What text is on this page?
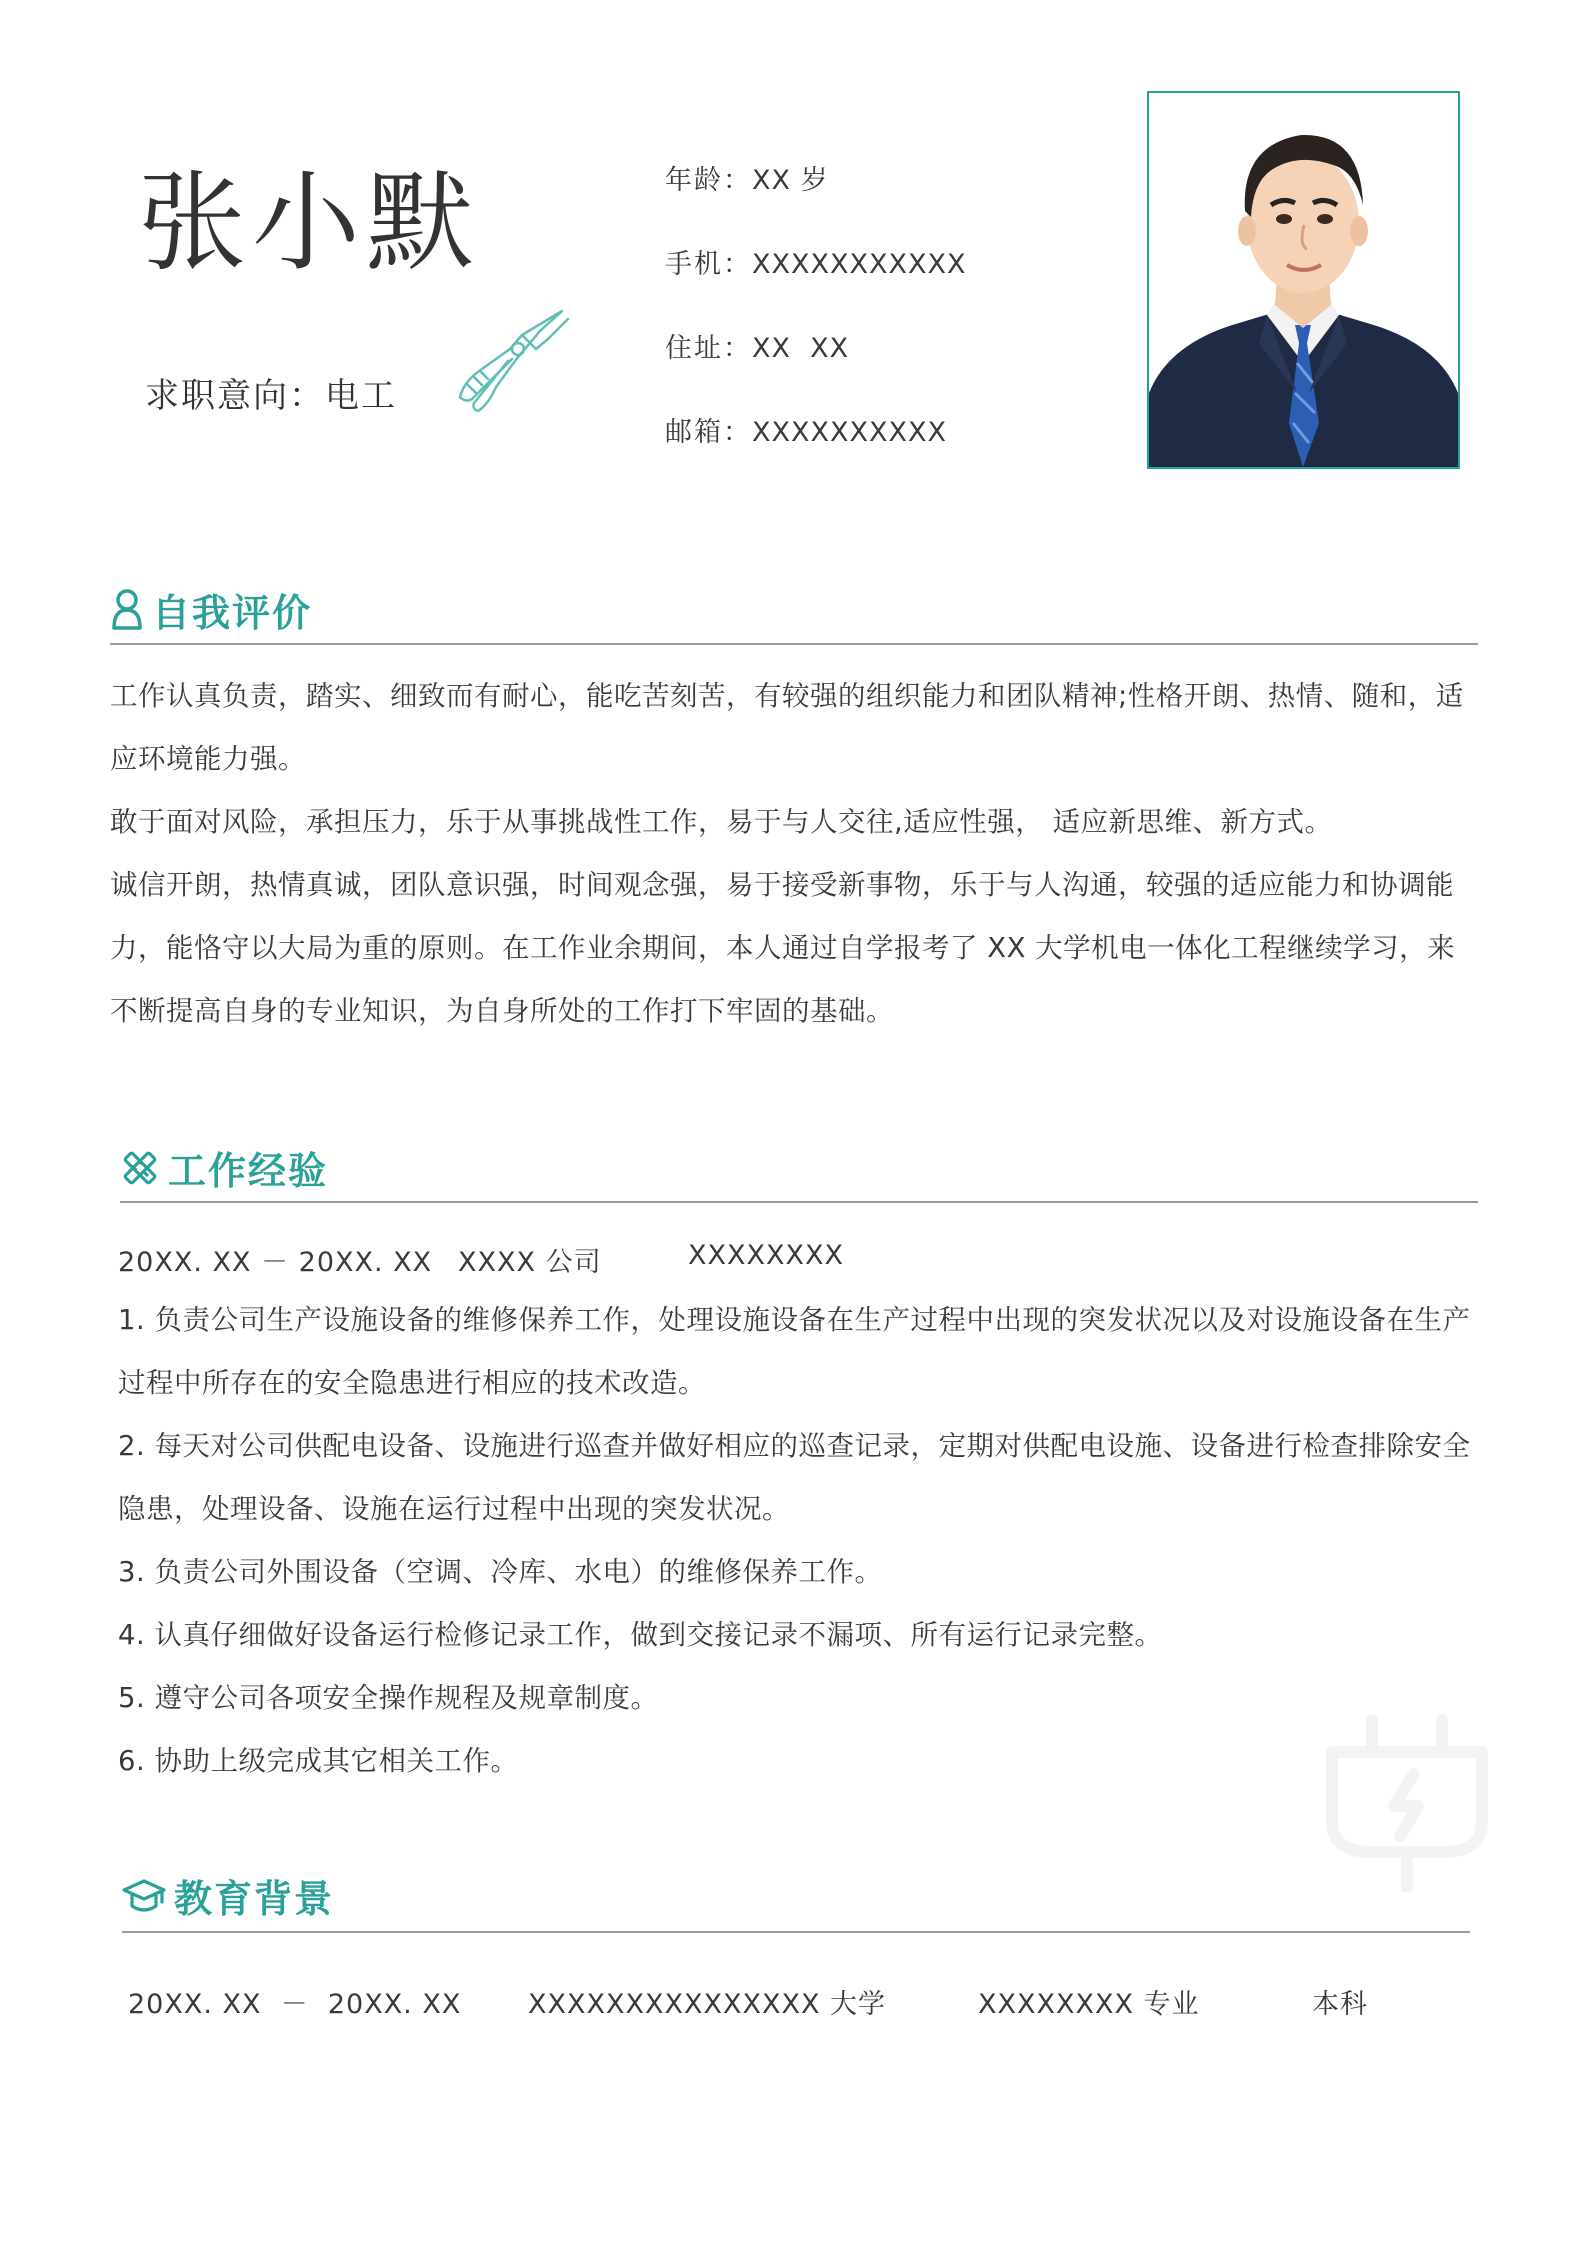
张小默
求职意向：电工
年龄：XX 岁
手机：XXXXXXXXXXX
住址：XX  XX
邮箱：XXXXXXXXXX
自我评价

工作认真负责，踏实、细致而有耐心，能吃苦刻苦，有较强的组织能力和团队精神;性格开朗、热情、随和，适应环境能力强。

敢于面对风险，承担压力，乐于从事挑战性工作，易于与人交往,适应性强， 适应新思维、新方式。

诚信开朗，热情真诚，团队意识强，时间观念强，易于接受新事物，乐于与人沟通，较强的适应能力和协调能力，能恪守以大局为重的原则。在工作业余期间，本人通过自学报考了 XX 大学机电一体化工程继续学习，来不断提高自身的专业知识，为自身所处的工作打下牢固的基础。

工作经验
20XX. XX － 20XX. XX XXXX 公司	XXXXXXXX

1. 负责公司生产设施设备的维修保养工作，处理设施设备在生产过程中出现的突发状况以及对设施设备在生产过程中所存在的安全隐患进行相应的技术改造。

2. 每天对公司供配电设备、设施进行巡查并做好相应的巡查记录，定期对供配电设施、设备进行检查排除安全隐患，处理设备、设施在运行过程中出现的突发状况。

3. 负责公司外围设备（空调、冷库、水电）的维修保养工作。

4. 认真仔细做好设备运行检修记录工作，做到交接记录不漏项、所有运行记录完整。

5. 遵守公司各项安全操作规程及规章制度。

6. 协助上级完成其它相关工作。

教育背景
20XX. XX  －  20XX. XX XXXXXXXXXXXXXXX 大学	XXXXXXXX 专业	本科
